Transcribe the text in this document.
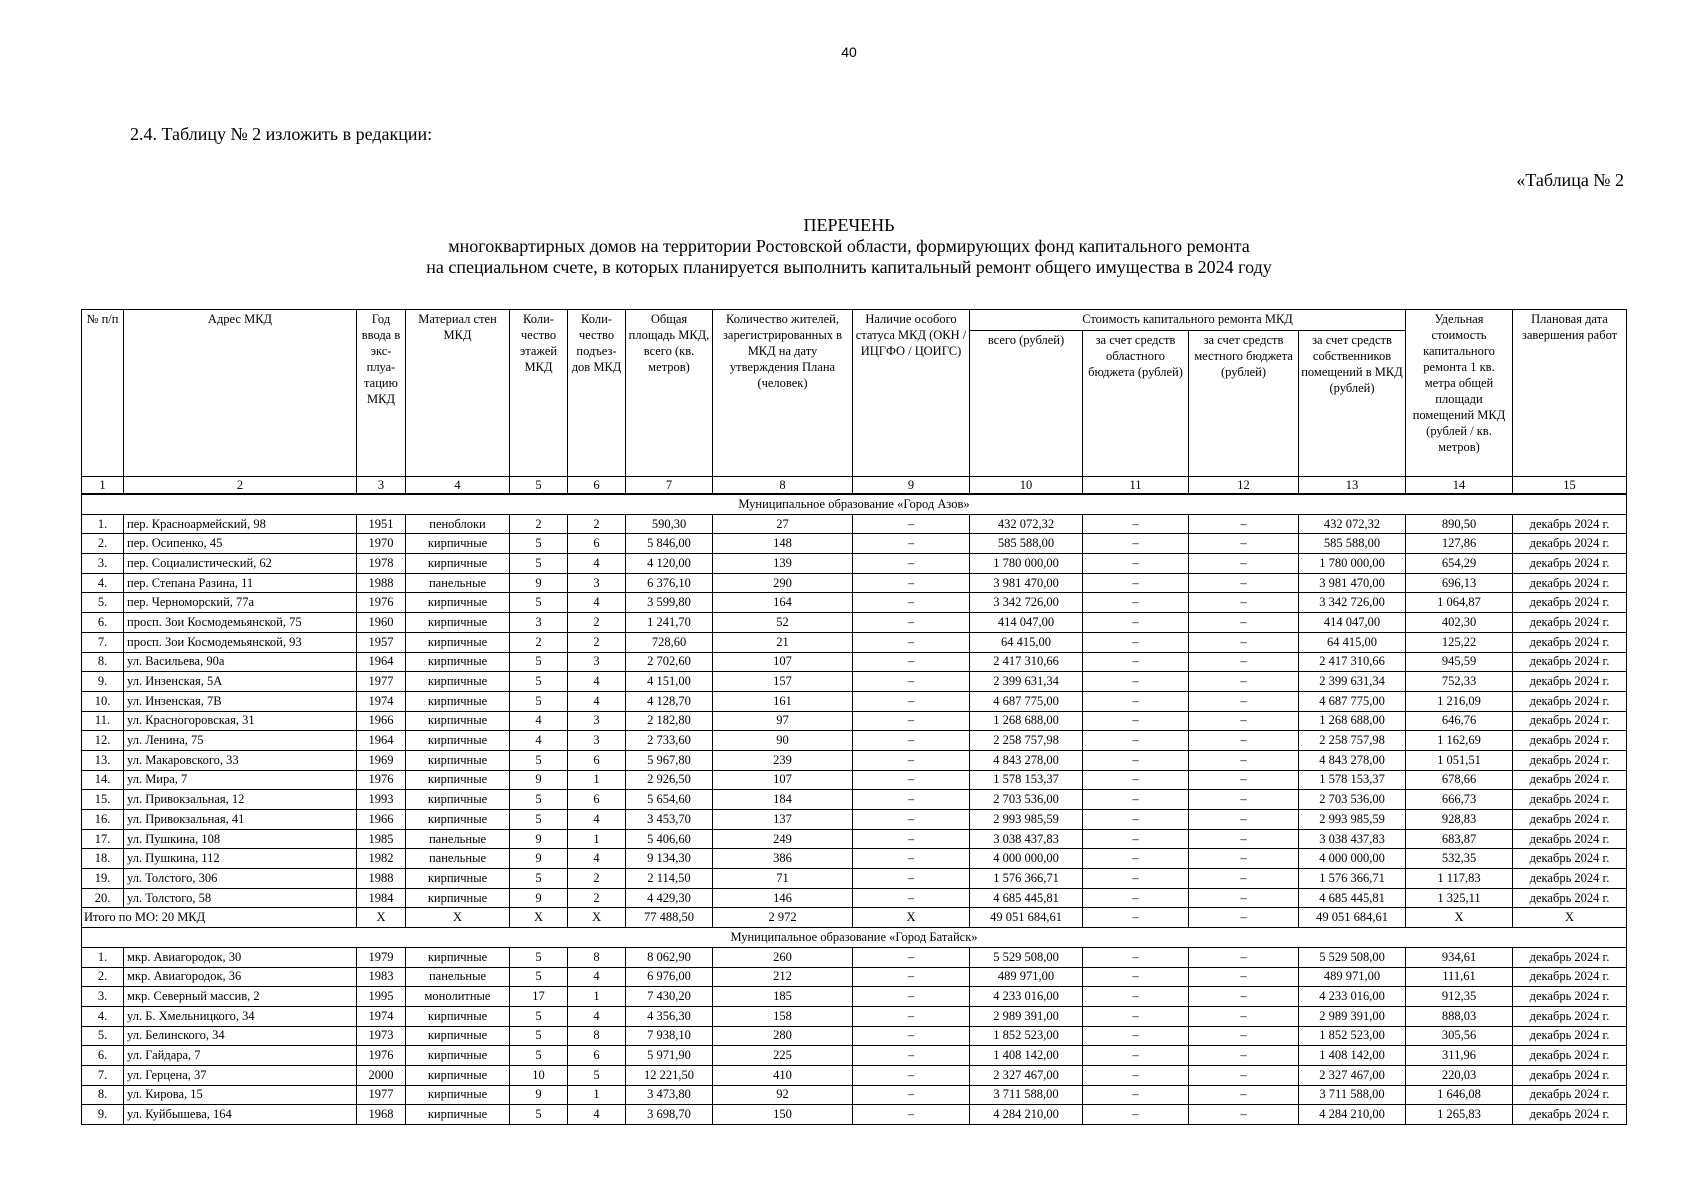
40
2.4. Таблицу № 2 изложить в редакции:
«Таблица № 2
ПЕРЕЧЕНЬ
многоквартирных домов на территории Ростовской области, формирующих фонд капитального ремонта
на специальном счете, в которых планируется выполнить капитальный ремонт общего имущества в 2024 году
№ п/п	Адрес МКД	Год ввода в экс-плуа-тацию МКД	Материал стен МКД	Коли-чество этажей МКД	Коли-чество подъез-дов МКД	Общая площадь МКД, всего (кв. метров)	Количество жителей, зарегистрированных в МКД на дату утверждения Плана (человек)	Наличие особого статуса МКД (ОКН / ИЦГФО / ЦОИГС)	Стоимость капитального ремонта МКД				Удельная стоимость капитального ремонта 1 кв. метра общей площади помещений МКД (рублей / кв. метров)	Плановая дата завершения работ
									всего (рублей)	за счет средств областного бюджета (рублей)	за счет средств местного бюджета (рублей)	за счет средств собственников помещений в МКД (рублей)		
1	2	3	4	5	6	7	8	9	10	11	12	13	14	15
Муниципальное образование «Город Азов»														
1.	пер. Красноармейский, 98	1951	пеноблоки	2	2	590,30	27	–	432 072,32	–	–	432 072,32	890,50	декабрь 2024 г.
2.	пер. Осипенко, 45	1970	кирпичные	5	6	5 846,00	148	–	585 588,00	–	–	585 588,00	127,86	декабрь 2024 г.
3.	пер. Социалистический, 62	1978	кирпичные	5	4	4 120,00	139	–	1 780 000,00	–	–	1 780 000,00	654,29	декабрь 2024 г.
4.	пер. Степана Разина, 11	1988	панельные	9	3	6 376,10	290	–	3 981 470,00	–	–	3 981 470,00	696,13	декабрь 2024 г.
5.	пер. Черноморский, 77а	1976	кирпичные	5	4	3 599,80	164	–	3 342 726,00	–	–	3 342 726,00	1 064,87	декабрь 2024 г.
6.	просп. Зои Космодемьянской, 75	1960	кирпичные	3	2	1 241,70	52	–	414 047,00	–	–	414 047,00	402,30	декабрь 2024 г.
7.	просп. Зои Космодемьянской, 93	1957	кирпичные	2	2	728,60	21	–	64 415,00	–	–	64 415,00	125,22	декабрь 2024 г.
8.	ул. Васильева, 90а	1964	кирпичные	5	3	2 702,60	107	–	2 417 310,66	–	–	2 417 310,66	945,59	декабрь 2024 г.
9.	ул. Инзенская, 5А	1977	кирпичные	5	4	4 151,00	157	–	2 399 631,34	–	–	2 399 631,34	752,33	декабрь 2024 г.
10.	ул. Инзенская, 7В	1974	кирпичные	5	4	4 128,70	161	–	4 687 775,00	–	–	4 687 775,00	1 216,09	декабрь 2024 г.
11.	ул. Красногоровская, 31	1966	кирпичные	4	3	2 182,80	97	–	1 268 688,00	–	–	1 268 688,00	646,76	декабрь 2024 г.
12.	ул. Ленина, 75	1964	кирпичные	4	3	2 733,60	90	–	2 258 757,98	–	–	2 258 757,98	1 162,69	декабрь 2024 г.
13.	ул. Макаровского, 33	1969	кирпичные	5	6	5 967,80	239	–	4 843 278,00	–	–	4 843 278,00	1 051,51	декабрь 2024 г.
14.	ул. Мира, 7	1976	кирпичные	9	1	2 926,50	107	–	1 578 153,37	–	–	1 578 153,37	678,66	декабрь 2024 г.
15.	ул. Привокзальная, 12	1993	кирпичные	5	6	5 654,60	184	–	2 703 536,00	–	–	2 703 536,00	666,73	декабрь 2024 г.
16.	ул. Привокзальная, 41	1966	кирпичные	5	4	3 453,70	137	–	2 993 985,59	–	–	2 993 985,59	928,83	декабрь 2024 г.
17.	ул. Пушкина, 108	1985	панельные	9	1	5 406,60	249	–	3 038 437,83	–	–	3 038 437,83	683,87	декабрь 2024 г.
18.	ул. Пушкина, 112	1982	панельные	9	4	9 134,30	386	–	4 000 000,00	–	–	4 000 000,00	532,35	декабрь 2024 г.
19.	ул. Толстого, 306	1988	кирпичные	5	2	2 114,50	71	–	1 576 366,71	–	–	1 576 366,71	1 117,83	декабрь 2024 г.
20.	ул. Толстого, 58	1984	кирпичные	9	2	4 429,30	146	–	4 685 445,81	–	–	4 685 445,81	1 325,11	декабрь 2024 г.
Итого по МО: 20 МКД		X	X	X	X	77 488,50	2 972	X	49 051 684,61	–	–	49 051 684,61	X	X
Муниципальное образование «Город Батайск»														
1.	мкр. Авиагородок, 30	1979	кирпичные	5	8	8 062,90	260	–	5 529 508,00	–	–	5 529 508,00	934,61	декабрь 2024 г.
2.	мкр. Авиагородок, 36	1983	панельные	5	4	6 976,00	212	–	489 971,00	–	–	489 971,00	111,61	декабрь 2024 г.
3.	мкр. Северный массив, 2	1995	монолитные	17	1	7 430,20	185	–	4 233 016,00	–	–	4 233 016,00	912,35	декабрь 2024 г.
4.	ул. Б. Хмельницкого, 34	1974	кирпичные	5	4	4 356,30	158	–	2 989 391,00	–	–	2 989 391,00	888,03	декабрь 2024 г.
5.	ул. Белинского, 34	1973	кирпичные	5	8	7 938,10	280	–	1 852 523,00	–	–	1 852 523,00	305,56	декабрь 2024 г.
6.	ул. Гайдара, 7	1976	кирпичные	5	6	5 971,90	225	–	1 408 142,00	–	–	1 408 142,00	311,96	декабрь 2024 г.
7.	ул. Герцена, 37	2000	кирпичные	10	5	12 221,50	410	–	2 327 467,00	–	–	2 327 467,00	220,03	декабрь 2024 г.
8.	ул. Кирова, 15	1977	кирпичные	9	1	3 473,80	92	–	3 711 588,00	–	–	3 711 588,00	1 646,08	декабрь 2024 г.
9.	ул. Куйбышева, 164	1968	кирпичные	5	4	3 698,70	150	–	4 284 210,00	–	–	4 284 210,00	1 265,83	декабрь 2024 г.
